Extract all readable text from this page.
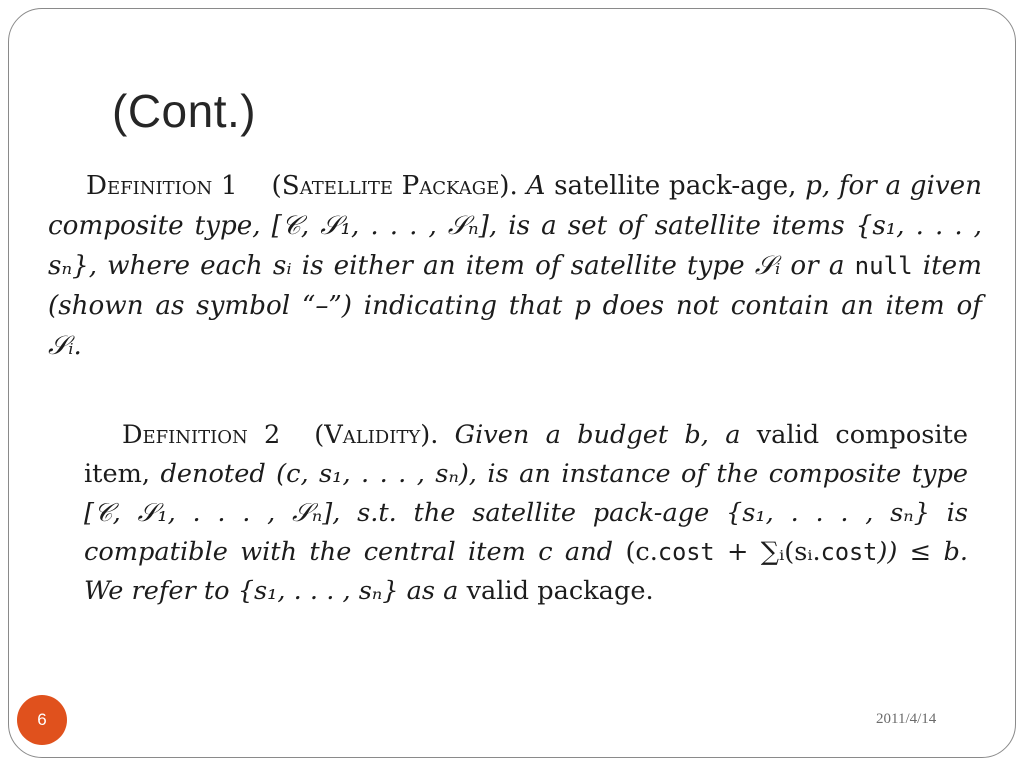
(Cont.)
Definition 1 (Satellite Package). A satellite pack-age, p, for a given composite type, [𝒞, 𝒮₁, . . . , 𝒮ₙ], is a set of satellite items {s₁, . . . , sₙ}, where each sᵢ is either an item of satellite type 𝒮ᵢ or a null item (shown as symbol “–”) indicating that p does not contain an item of 𝒮ᵢ.
Definition 2 (Validity). Given a budget b, a valid composite item, denoted (c, s₁, . . . , sₙ), is an instance of the composite type [𝒞, 𝒮₁, . . . , 𝒮ₙ], s.t. the satellite pack-age {s₁, . . . , sₙ} is compatible with the central item c and (c.cost + ∑ᵢ(sᵢ.cost)) ≤ b. We refer to {s₁, . . . , sₙ} as a valid package.
6	2011/4/14
